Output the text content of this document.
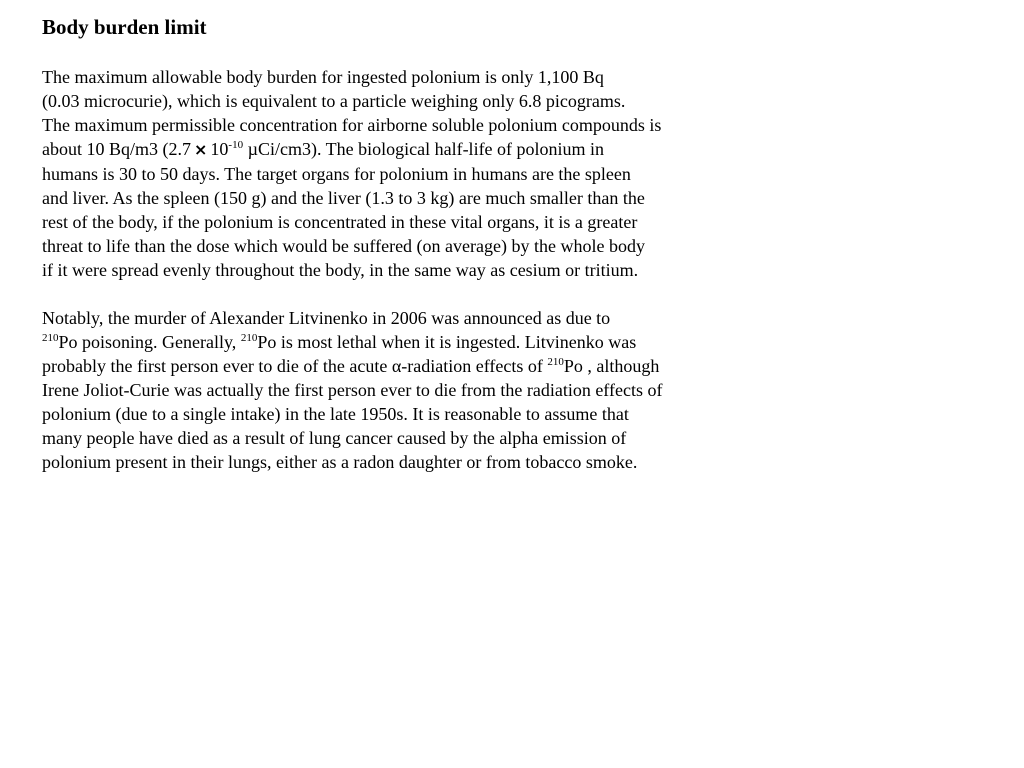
Body burden limit
The maximum allowable body burden for ingested polonium is only 1,100 Bq
(0.03 microcurie), which is equivalent to a particle weighing only 6.8 picograms.
The maximum permissible concentration for airborne soluble polonium compounds is
about 10 Bq/m3 ($2.7 \times 10^{-10}$ µCi/cm3). The biological half-life of polonium in
humans is 30 to 50 days. The target organs for polonium in humans are the spleen
and liver. As the spleen (150 g) and the liver (1.3 to 3 kg) are much smaller than the
rest of the body, if the polonium is concentrated in these vital organs, it is a greater
threat to life than the dose which would be suffered (on average) by the whole body
if it were spread evenly throughout the body, in the same way as cesium or tritium.
Notably, the murder of Alexander Litvinenko in 2006 was announced as due to
$^{210}$Po poisoning. Generally, $^{210}$Po is most lethal when it is ingested. Litvinenko was
probably the first person ever to die of the acute α-radiation effects of $^{210}$Po , although
Irene Joliot-Curie was actually the first person ever to die from the radiation effects of
polonium (due to a single intake) in the late 1950s. It is reasonable to assume that
many people have died as a result of lung cancer caused by the alpha emission of
polonium present in their lungs, either as a radon daughter or from tobacco smoke.
